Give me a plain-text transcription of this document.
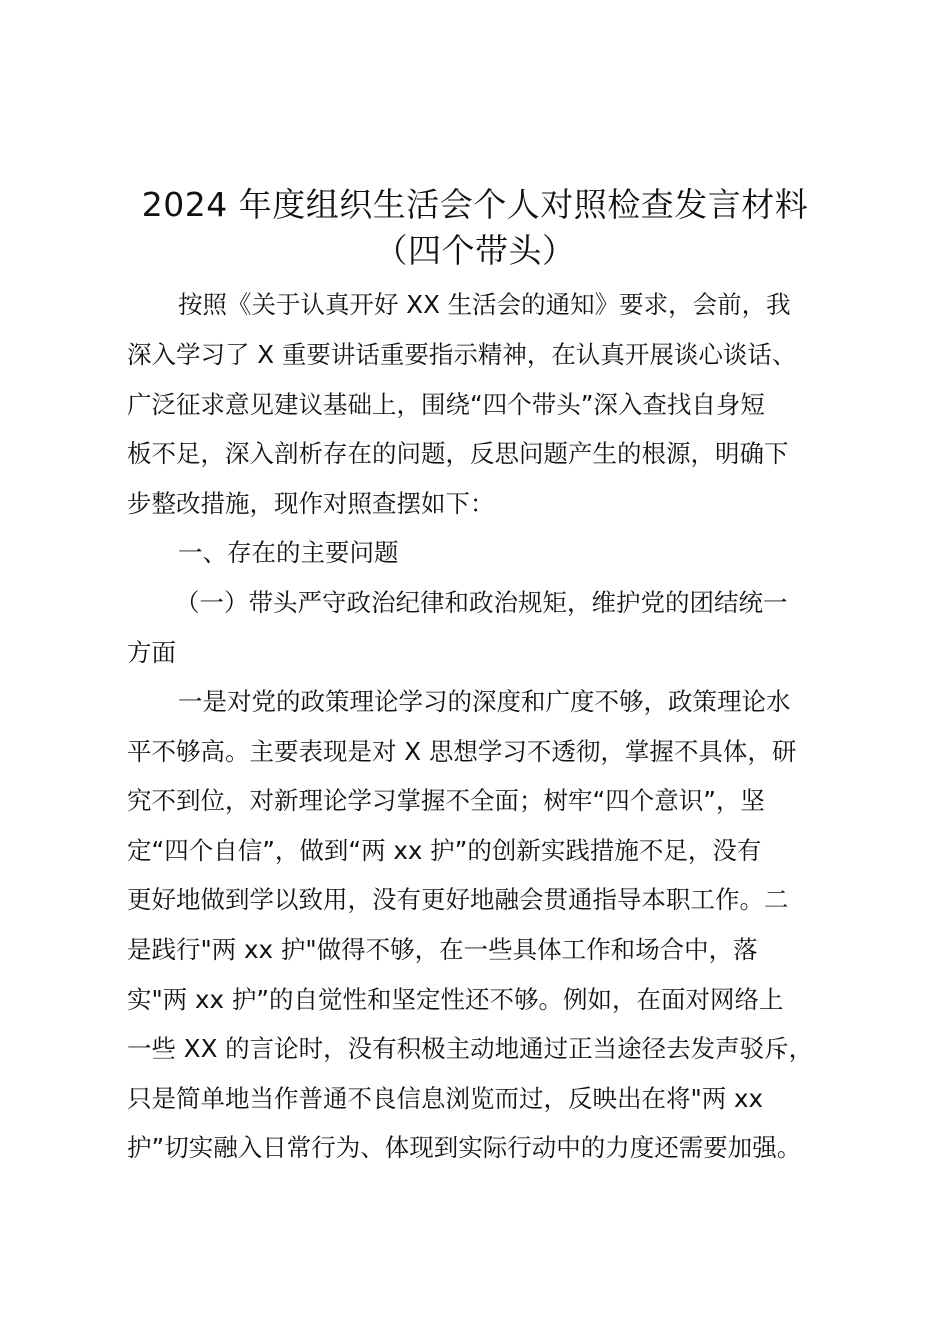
2024 年度组织生活会个人对照检查发言材料
（四个带头）
按照《关于认真开好 XX 生活会的通知》要求，会前，我
深入学习了 X 重要讲话重要指示精神，在认真开展谈心谈话、
广泛征求意见建议基础上，围绕“四个带头”深入查找自身短
板不足，深入剖析存在的问题，反思问题产生的根源，明确下
步整改措施，现作对照查摆如下：
一、存在的主要问题
（一）带头严守政治纪律和政治规矩，维护党的团结统一
方面
一是对党的政策理论学习的深度和广度不够，政策理论水
平不够高。主要表现是对 X 思想学习不透彻，掌握不具体，研
究不到位，对新理论学习掌握不全面；树牢“四个意识”，坚
定“四个自信”，做到“两 xx 护”的创新实践措施不足，没有
更好地做到学以致用，没有更好地融会贯通指导本职工作。二
是践行"两 xx 护"做得不够，在一些具体工作和场合中，落
实"两 xx 护”的自觉性和坚定性还不够。例如，在面对网络上
一些 XX 的言论时，没有积极主动地通过正当途径去发声驳斥，
只是简单地当作普通不良信息浏览而过，反映出在将"两 xx
护”切实融入日常行为、体现到实际行动中的力度还需要加强。
